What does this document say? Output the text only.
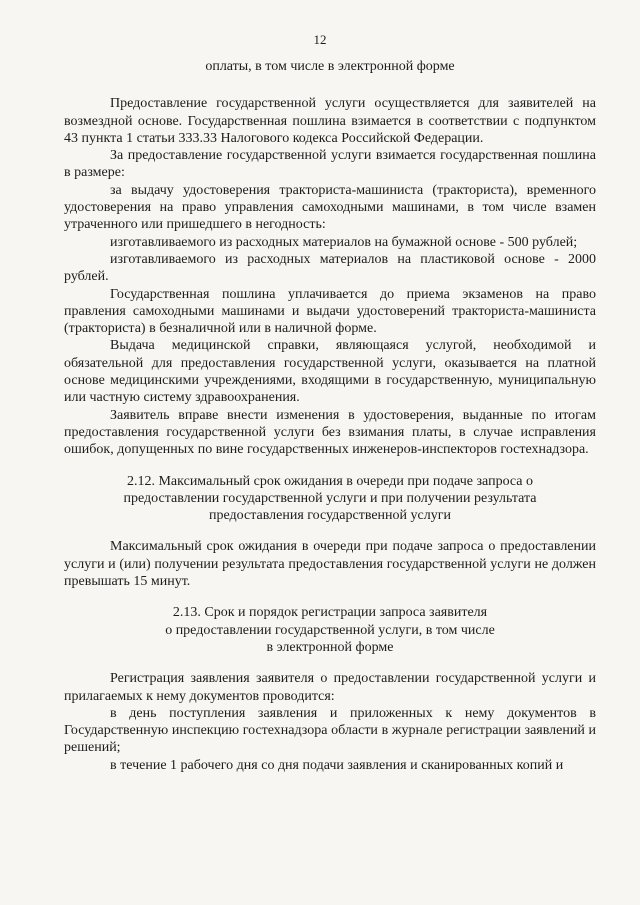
12
оплаты, в том числе в электронной форме

Предоставление государственной услуги осуществляется для заявителей на возмездной основе. Государственная пошлина взимается в соответствии с подпунктом 43 пункта 1 статьи 333.33 Налогового кодекса Российской Федерации.

За предоставление государственной услуги взимается государственная пошлина в размере:

за выдачу удостоверения тракториста-машиниста (тракториста), временного удостоверения на право управления самоходными машинами, в том числе взамен утраченного или пришедшего в негодность:

изготавливаемого из расходных материалов на бумажной основе - 500 рублей;

изготавливаемого из расходных материалов на пластиковой основе - 2000 рублей.

Государственная пошлина уплачивается до приема экзаменов на право правления самоходными машинами и выдачи удостоверений тракториста-машиниста (тракториста) в безналичной или в наличной форме.

Выдача медицинской справки, являющаяся услугой, необходимой и обязательной для предоставления государственной услуги, оказывается на платной основе медицинскими учреждениями, входящими в государственную, муниципальную или частную систему здравоохранения.

Заявитель вправе внести изменения в удостоверения, выданные по итогам предоставления государственной услуги без взимания платы, в случае исправления ошибок, допущенных по вине государственных инженеров-инспекторов гостехнадзора.

2.12. Максимальный срок ожидания в очереди при подаче запроса о
предоставлении государственной услуги и при получении результата
предоставления государственной услуги

Максимальный срок ожидания в очереди при подаче запроса о предоставлении услуги и (или) получении результата предоставления государственной услуги не должен превышать 15 минут.

2.13. Срок и порядок регистрации запроса заявителя
о предоставлении государственной услуги, в том числе
в электронной форме

Регистрация заявления заявителя о предоставлении государственной услуги и прилагаемых к нему документов проводится:

в день поступления заявления и приложенных к нему документов в Государственную инспекцию гостехнадзора области в журнале регистрации заявлений и решений;

в течение 1 рабочего дня со дня подачи заявления и сканированных копий и
